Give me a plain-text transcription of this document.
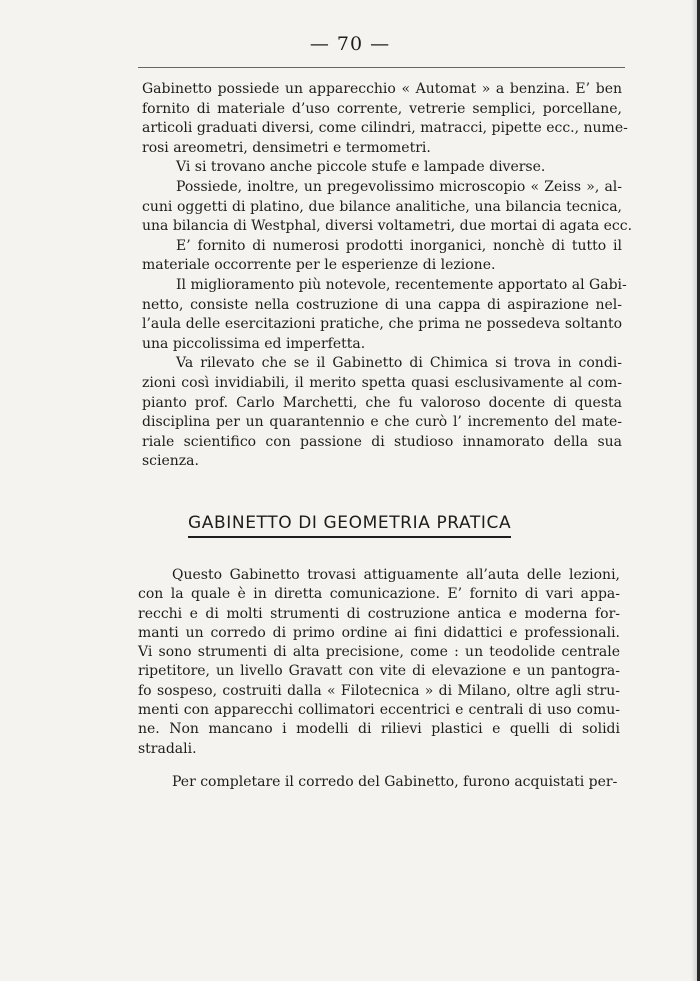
— 70 —

Gabinetto possiede un apparecchio « Automat » a benzina. E’ ben
fornito di materiale d’uso corrente, vetrerie semplici, porcellane,
articoli graduati diversi, come cilindri, matracci, pipette ecc., nume-
rosi areometri, densimetri e termometri.

Vi si trovano anche piccole stufe e lampade diverse.

Possiede, inoltre, un pregevolissimo microscopio « Zeiss », al-
cuni oggetti di platino, due bilance analitiche, una bilancia tecnica,
una bilancia di Westphal, diversi voltametri, due mortai di agata ecc.

E’ fornito di numerosi prodotti inorganici, nonchè di tutto il
materiale occorrente per le esperienze di lezione.

Il miglioramento più notevole, recentemente apportato al Gabi-
netto, consiste nella costruzione di una cappa di aspirazione nel-
l’aula delle esercitazioni pratiche, che prima ne possedeva soltanto
una piccolissima ed imperfetta.

Va rilevato che se il Gabinetto di Chimica si trova in condi-
zioni così invidiabili, il merito spetta quasi esclusivamente al com-
pianto prof. Carlo Marchetti, che fu valoroso docente di questa
disciplina per un quarantennio e che curò l’ incremento del mate-
riale scientifico con passione di studioso innamorato della sua
scienza.

GABINETTO DI GEOMETRIA PRATICA

Questo Gabinetto trovasi attiguamente all’auta delle lezioni,
con la quale è in diretta comunicazione. E’ fornito di vari appa-
recchi e di molti strumenti di costruzione antica e moderna for-
manti un corredo di primo ordine ai fini didattici e professionali.
Vi sono strumenti di alta precisione, come : un teodolide centrale
ripetitore, un livello Gravatt con vite di elevazione e un pantogra-
fo sospeso, costruiti dalla « Filotecnica » di Milano, oltre agli stru-
menti con apparecchi collimatori eccentrici e centrali di uso comu-
ne. Non mancano i modelli di rilievi plastici e quelli di solidi
stradali.

Per completare il corredo del Gabinetto, furono acquistati per-
